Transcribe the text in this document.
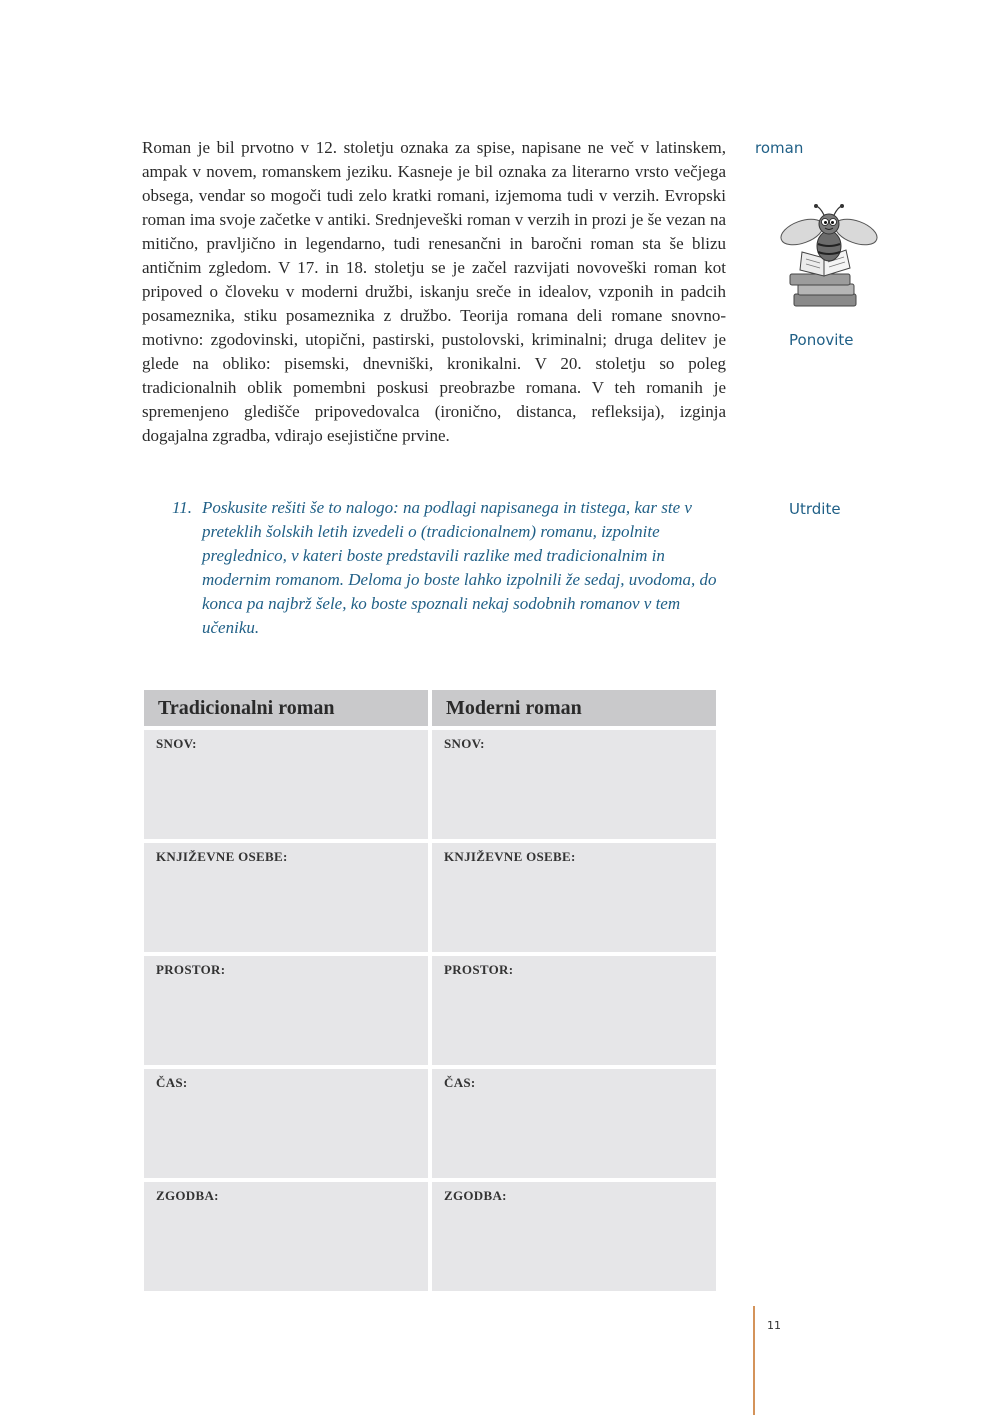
Roman je bil prvotno v 12. stoletju oznaka za spise, napisane ne več v latinskem, ampak v novem, romanskem jeziku. Kasneje je bil oznaka za literarno vrsto večjega obsega, vendar so mogoči tudi zelo kratki romani, izjemoma tudi v verzih. Evropski roman ima svoje začetke v antiki. Srednjeveški roman v verzih in prozi je še vezan na mitično, pravljično in legendarno, tudi renesančni in baročni roman sta še blizu antičnim zgledom. V 17. in 18. stoletju se je začel razvijati novoveški roman kot pripoved o človeku v moderni družbi, iskanju sreče in idealov, vzponih in padcih posameznika, stiku posameznika z družbo. Teorija romana deli romane snovno-motivno: zgodovinski, utopični, pastirski, pustolovski, kriminalni; druga delitev je glede na obliko: pisemski, dnevniški, kronikalni. V 20. stoletju so poleg tradicionalnih oblik pomembni poskusi preobrazbe romana. V teh romanih je spremenjeno gledišče pripovedovalca (ironično, distanca, refleksija), izginja dogajalna zgradba, vdirajo esejistične prvine.

roman
Ponovite
11. Poskusite rešiti še to nalogo: na podlagi napisanega in tistega, kar ste v preteklih šolskih letih izvedeli o (tradicionalnem) romanu, izpolnite preglednico, v kateri boste predstavili razlike med tradicionalnim in modernim romanom. Deloma jo boste lahko izpolnili že sedaj, uvodoma, do konca pa najbrž šele, ko boste spoznali nekaj sodobnih romanov v tem učeniku.
Utrdite
Tradicionalni roman	Moderni roman
SNOV:	SNOV:
KNJIŽEVNE OSEBE:	KNJIŽEVNE OSEBE:
PROSTOR:	PROSTOR:
ČAS:	ČAS:
ZGODBA:	ZGODBA:
11
